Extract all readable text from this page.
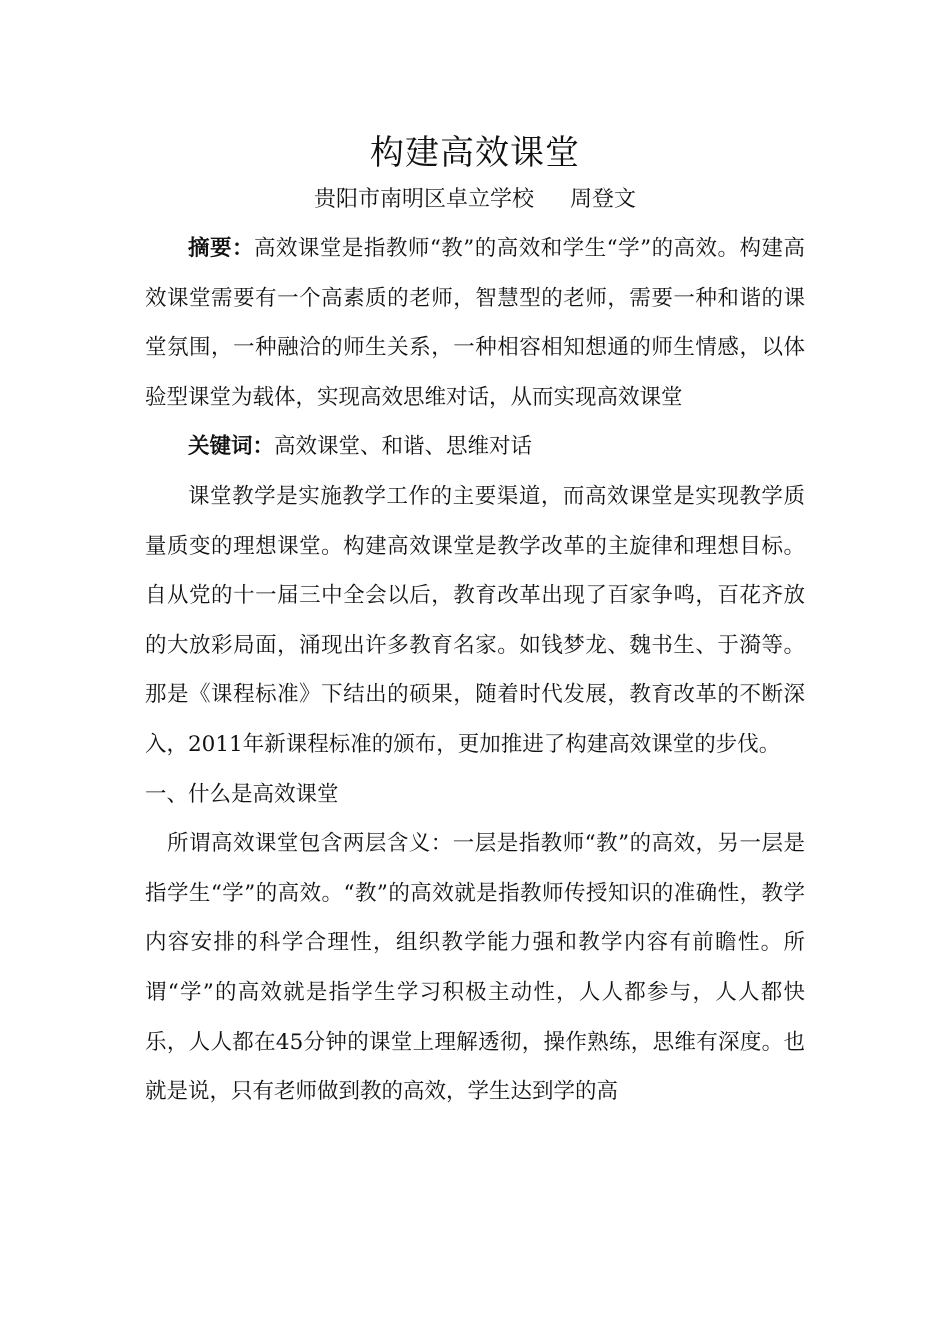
构建高效课堂

贵阳市南明区卓立学校 周登文

摘要：高效课堂是指教师“教”的高效和学生“学”的高效。构建高效课堂需要有一个高素质的老师，智慧型的老师，需要一种和谐的课堂氛围，一种融洽的师生关系，一种相容相知想通的师生情感，以体验型课堂为载体，实现高效思维对话，从而实现高效课堂

关键词：高效课堂、和谐、思维对话

课堂教学是实施教学工作的主要渠道，而高效课堂是实现教学质量质变的理想课堂。构建高效课堂是教学改革的主旋律和理想目标。自从党的十一届三中全会以后，教育改革出现了百家争鸣，百花齐放的大放彩局面，涌现出许多教育名家。如钱梦龙、魏书生、于漪等。那是《课程标准》下结出的硕果，随着时代发展，教育改革的不断深入，2011年新课程标准的颁布，更加推进了构建高效课堂的步伐。

一、什么是高效课堂

所谓高效课堂包含两层含义：一层是指教师“教”的高效，另一层是指学生“学”的高效。“教”的高效就是指教师传授知识的准确性，教学内容安排的科学合理性，组织教学能力强和教学内容有前瞻性。所谓“学”的高效就是指学生学习积极主动性，人人都参与，人人都快乐，人人都在45分钟的课堂上理解透彻，操作熟练，思维有深度。也就是说，只有老师做到教的高效，学生达到学的高
